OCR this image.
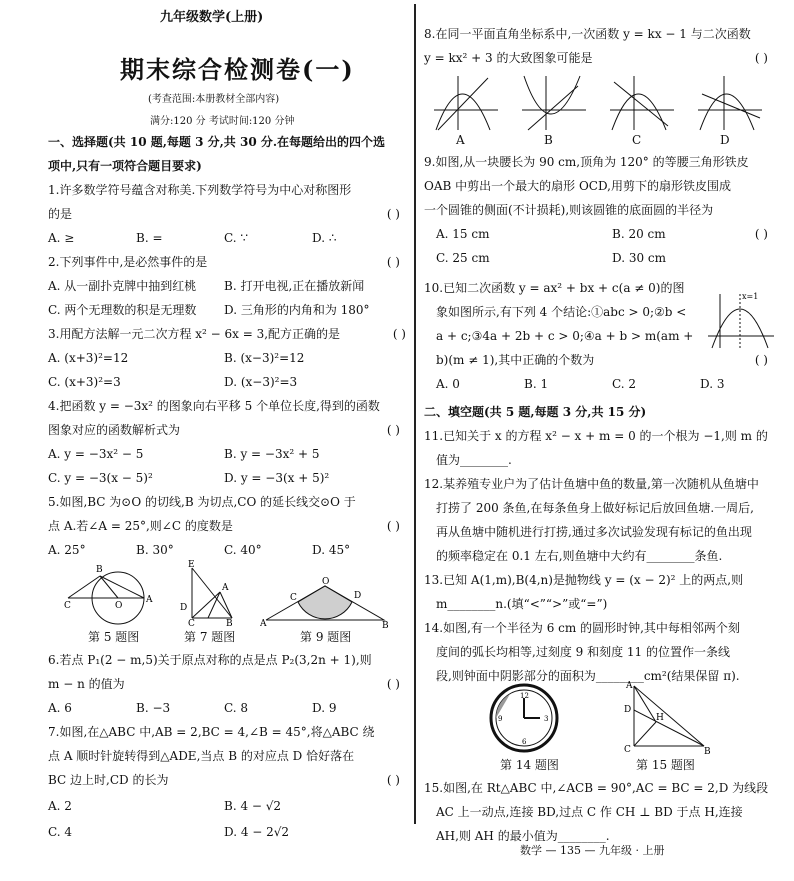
九年级数学(上册)
期末综合检测卷(一)
(考查范围:本册教材全部内容)
满分:120 分 考试时间:120 分钟
一、选择题(共 10 题,每题 3 分,共 30 分.在每题给出的四个选
项中,只有一项符合题目要求)
1.许多数学符号蕴含对称美.下列数学符号为中心对称图形
的是	( )
A. ≥	B. =	C. ∵	D. ∴
2.下列事件中,是必然事件的是	( )
A. 从一副扑克牌中抽到红桃	B. 打开电视,正在播放新闻
C. 两个无理数的积是无理数	D. 三角形的内角和为 180°
3.用配方法解一元二次方程 x² − 6x = 3,配方正确的是	( )
A. (x+3)²=12	B. (x−3)²=12
C. (x+3)²=3	D. (x−3)²=3
4.把函数 y = −3x² 的图象向右平移 5 个单位长度,得到的函数
图象对应的函数解析式为	( )
A. y = −3x² − 5	B. y = −3x² + 5
C. y = −3(x − 5)²	D. y = −3(x + 5)²
5.如图,BC 为⊙O 的切线,B 为切点,CO 的延长线交⊙O 于
点 A.若∠A = 25°,则∠C 的度数是	( )
A. 25°	B. 30°	C. 40°	D. 45°
B
C	O
A
E
A
D
C	B	A
O
D
C
B
第 5 题图	第 7 题图	第 9 题图
6.若点 P₁(2 − m,5)关于原点对称的点是点 P₂(3,2n + 1),则
m − n 的值为	( )
A. 6	B. −3	C. 8	D. 9
7.如图,在△ABC 中,AB = 2,BC = 4,∠B = 45°,将△ABC 绕
点 A 顺时针旋转得到△ADE,当点 B 的对应点 D 恰好落在
BC 边上时,CD 的长为	( )
A. 2	B. 4 − √2
C. 4	D. 4 − 2√2
8.在同一平面直角坐标系中,一次函数 y = kx − 1 与二次函数
y = kx² + 3 的大致图象可能是	( )
A	B	C	D
9.如图,从一块腰长为 90 cm,顶角为 120° 的等腰三角形铁皮
OAB 中剪出一个最大的扇形 OCD,用剪下的扇形铁皮围成
一个圆锥的侧面(不计损耗),则该圆锥的底面圆的半径为
( )
A. 15 cm	B. 20 cm
C. 25 cm	D. 30 cm
10.已知二次函数 y = ax² + bx + c(a ≠ 0)的图
象如图所示,有下列 4 个结论:①abc > 0;②b <
a + c;③4a + 2b + c > 0;④a + b > m(am +
b)(m ≠ 1),其中正确的个数为	( )
A. 0	B. 1	C. 2	D. 3
x=1
二、填空题(共 5 题,每题 3 分,共 15 分)
11.已知关于 x 的方程 x² − x + m = 0 的一个根为 −1,则 m 的
值为________.
12.某养殖专业户为了估计鱼塘中鱼的数量,第一次随机从鱼塘中
打捞了 200 条鱼,在每条鱼身上做好标记后放回鱼塘.一周后,
再从鱼塘中随机进行打捞,通过多次试验发现有标记的鱼出现
的频率稳定在 0.1 左右,则鱼塘中大约有________条鱼.
13.已知 A(1,m),B(4,n)是抛物线 y = (x − 2)² 上的两点,则
m________n.(填“<”“>”或“=”)
14.如图,有一个半径为 6 cm 的圆形时钟,其中每相邻两个刻
度间的弧长均相等,过刻度 9 和刻度 11 的位置作一条线
段,则钟面中阴影部分的面积为________cm²(结果保留 π).
12
3
6
9
A
D
H
C	B
第 14 题图	第 15 题图
15.如图,在 Rt△ABC 中,∠ACB = 90°,AC = BC = 2,D 为线段
AC 上一动点,连接 BD,过点 C 作 CH ⊥ BD 于点 H,连接
AH,则 AH 的最小值为________.
数学 — 135 — 九年级 · 上册
